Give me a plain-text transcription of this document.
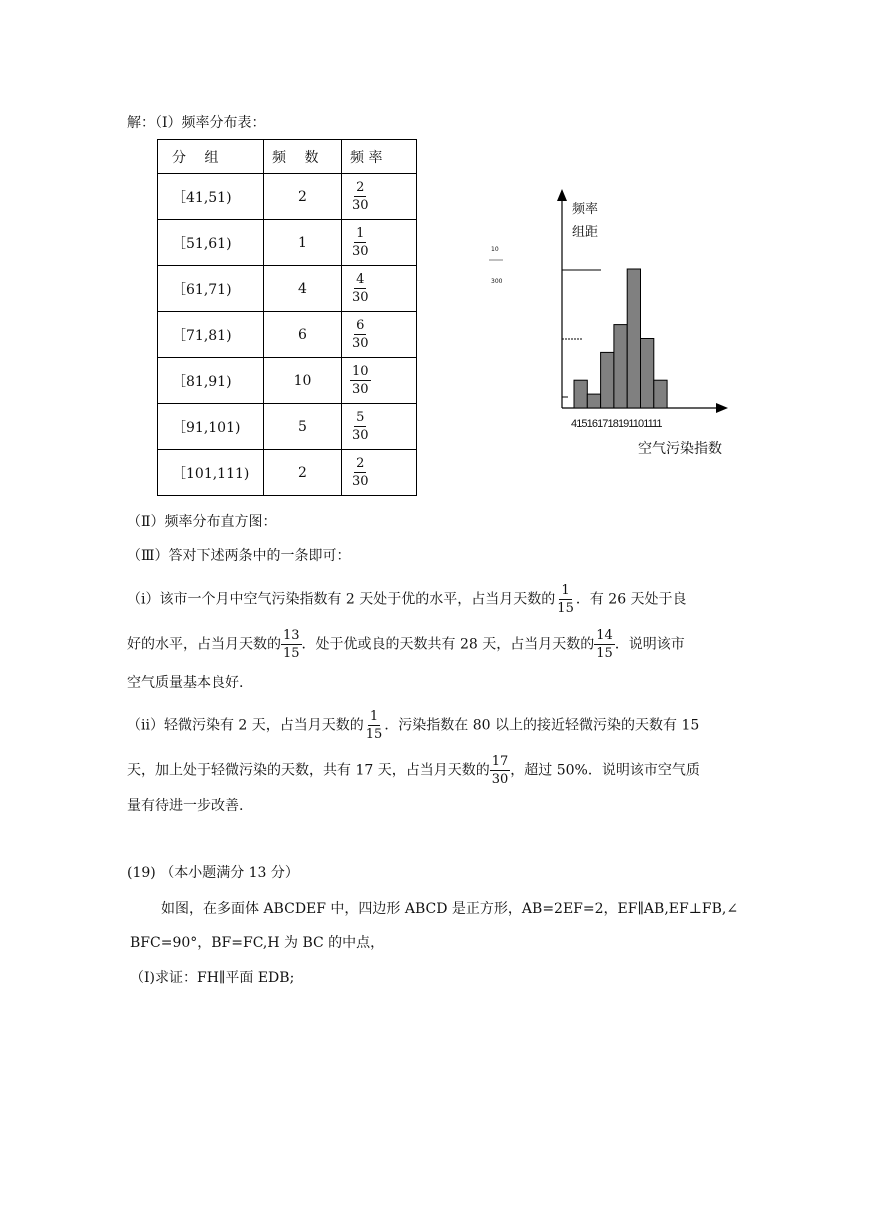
解：（Ⅰ）频率分布表：
分　 组	频　 数	频 率
［41,51)	2	$\frac{2}{30}$

［51,61)	1	$\frac{1}{30}$

［61,71)	4	$\frac{4}{30}$

［71,81)	6	$\frac{6}{30}$

［81,91)	10	$\frac{10}{30}$

［91,101)	5	$\frac{5}{30}$

［101,111)	2	$\frac{2}{30}$
频率
组距
10
300
415161718191101111
空气污染指数
（Ⅱ）频率分布直方图：
（Ⅲ）答对下述两条中的一条即可：
（i）该市一个月中空气污染指数有 2 天处于优的水平，占当月天数的 $\frac{1}{15}$ ．有 26 天处于良
好的水平，占当月天数的 $\frac{13}{15}$ ．处于优或良的天数共有 28 天，占当月天数的 $\frac{14}{15}$ ．说明该市
空气质量基本良好.
（ii）轻微污染有 2 天，占当月天数的 $\frac{1}{15}$ ．污染指数在 80 以上的接近轻微污染的天数有 15
天，加上处于轻微污染的天数，共有 17 天，占当月天数的 $\frac{17}{30}$ ，超过 50%．说明该市空气质
量有待进一步改善.
(19) （本小题满分 13 分）
如图，在多面体 ABCDEF 中，四边形 ABCD 是正方形，AB=2EF=2，EF∥AB,EF⊥FB,∠
BFC=90°，BF=FC,H 为 BC 的中点，
（Ⅰ)求证：FH∥平面 EDB;
